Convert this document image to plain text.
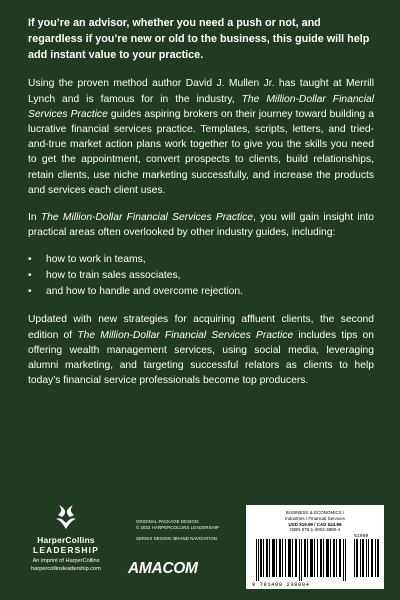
If you’re an advisor, whether you need a push or not, and regardless if you’re new or old to the business, this guide will help add instant value to your practice.

Using the proven method author David J. Mullen Jr. has taught at Merrill Lynch and is famous for in the industry, The Million-Dollar Financial Services Practice guides aspiring brokers on their journey toward building a lucrative financial services practice. Templates, scripts, letters, and tried-and-true market action plans work together to give you the skills you need to get the appointment, convert prospects to clients, build relationships, retain clients, use niche marketing successfully, and increase the products and services each client uses.

In The Million-Dollar Financial Services Practice, you will gain insight into practical areas often overlooked by other industry guides, including:

• how to work in teams,
• how to train sales associates,
• and how to handle and overcome rejection.

Updated with new strategies for acquiring affluent clients, the second edition of The Million-Dollar Financial Services Practice includes tips on offering wealth management services, using social media, leveraging alumni marketing, and targeting successful relators as clients to help today’s financial service professionals become top producers.

HarperCollins
LEADERSHIP
An imprint of HarperCollins
harpercollinsleadership.com
ORIGINAL PACKAGE DESIGN:
© 2023 HARPERCOLLINS LEADERSHIP
SERIES DESIGN: BRAND NAVIGATION
AMACOM
BUSINESS & ECONOMICS /
Industries / Financial Services
USD $19.99 / CAD $24.99
ISBN 978-1-4002-3880-4
51999
9 781400 238804
